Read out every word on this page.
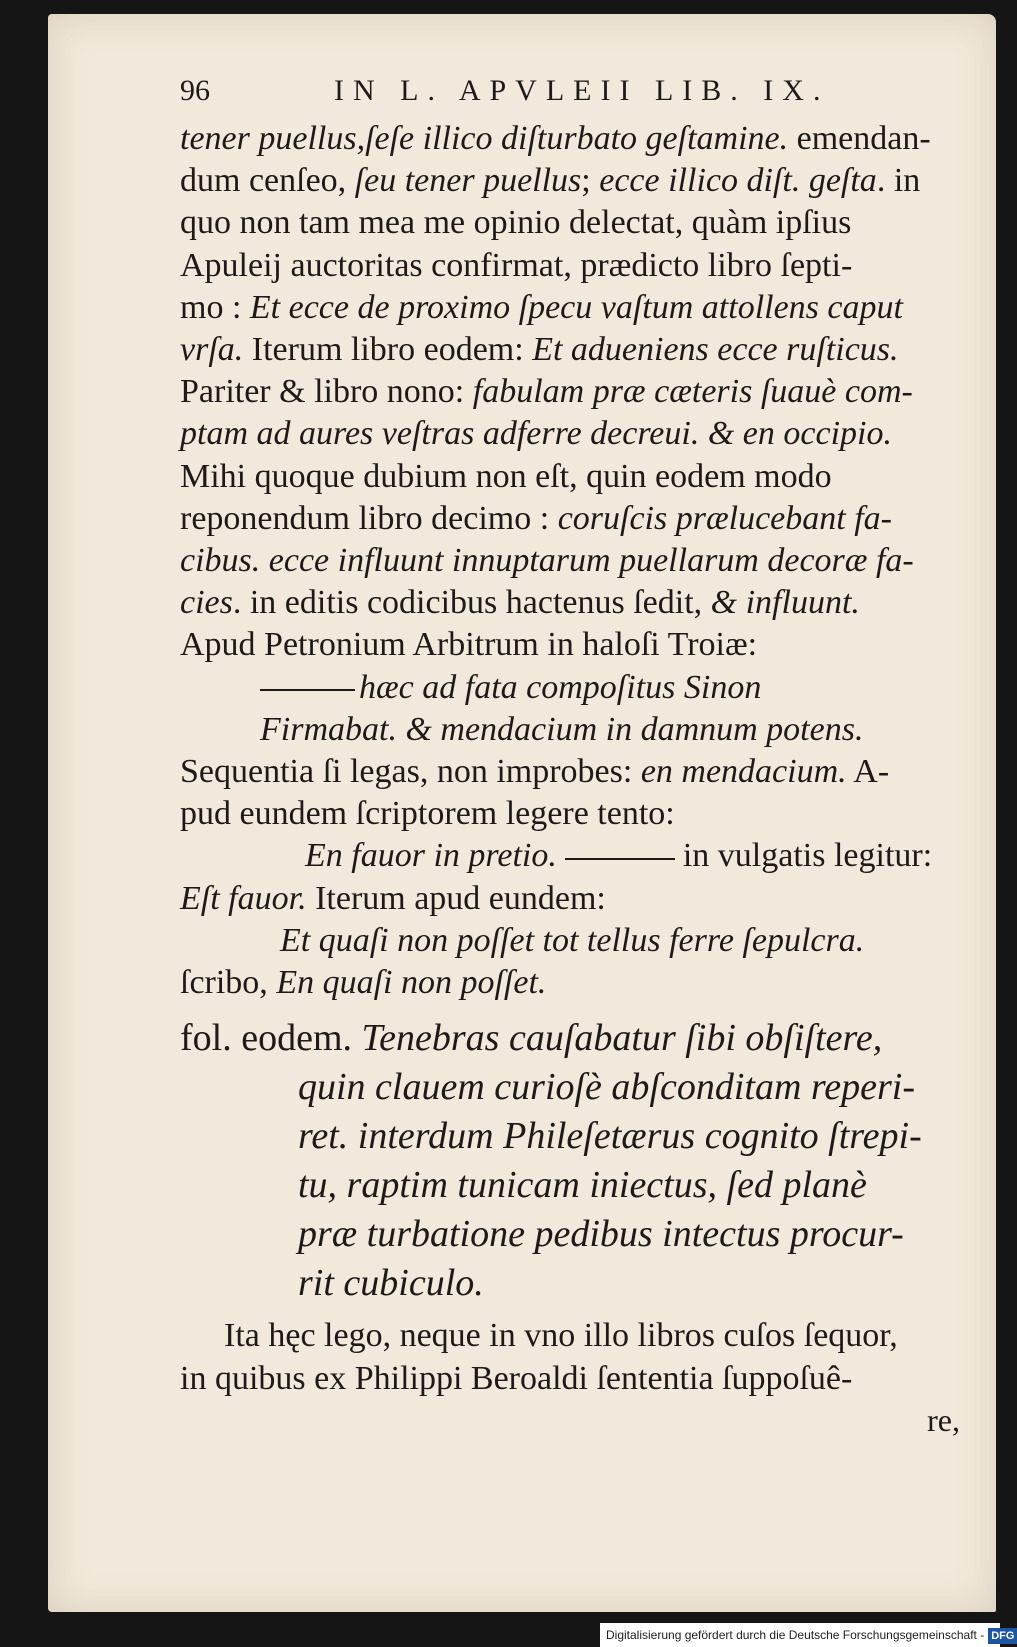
96	IN L. APVLEII LIB. IX.
tener puellus,ſeſe illico diſturbato geſtamine. emendan-
dum cenſeo, ſeu tener puellus; ecce illico diſt. geſta. in
quo non tam mea me opinio delectat, quàm ipſius
Apuleij auctoritas confirmat, prædicto libro ſepti-
mo : Et ecce de proximo ſpecu vaſtum attollens caput
vrſa. Iterum libro eodem: Et adueniens ecce ruſticus.
Pariter & libro nono: fabulam præ cæteris ſuauè com-
ptam ad aures veſtras adferre decreui. & en occipio.
Mihi quoque dubium non eſt, quin eodem modo
reponendum libro decimo : coruſcis prælucebant fa-
cibus. ecce influunt innuptarum puellarum decoræ fa-
cies. in editis codicibus hactenus ſedit, & influunt.
Apud Petronium Arbitrum in haloſi Troiæ:
hæc ad fata compoſitus Sinon
Firmabat. & mendacium in damnum potens.
Sequentia ſi legas, non improbes: en mendacium. A-
pud eundem ſcriptorem legere tento:
En fauor in pretio.	in vulgatis legitur:
Eſt fauor. Iterum apud eundem:
Et quaſi non poſſet tot tellus ferre ſepulcra.
ſcribo, En quaſi non poſſet.
fol. eodem. Tenebras cauſabatur ſibi obſiſtere,
quin clauem curioſè abſconditam reperi-
ret. interdum Phileſetærus cognito ſtrepi-
tu, raptim tunicam iniectus, ſed planè
præ turbatione pedibus intectus procur-
rit cubiculo.
Ita hęc lego, neque in vno illo libros cuſos ſequor,
in quibus ex Philippi Beroaldi ſententia ſuppoſuê-
re,
Digitalisierung gefördert durch die Deutsche Forschungsgemeinschaft - DFG
